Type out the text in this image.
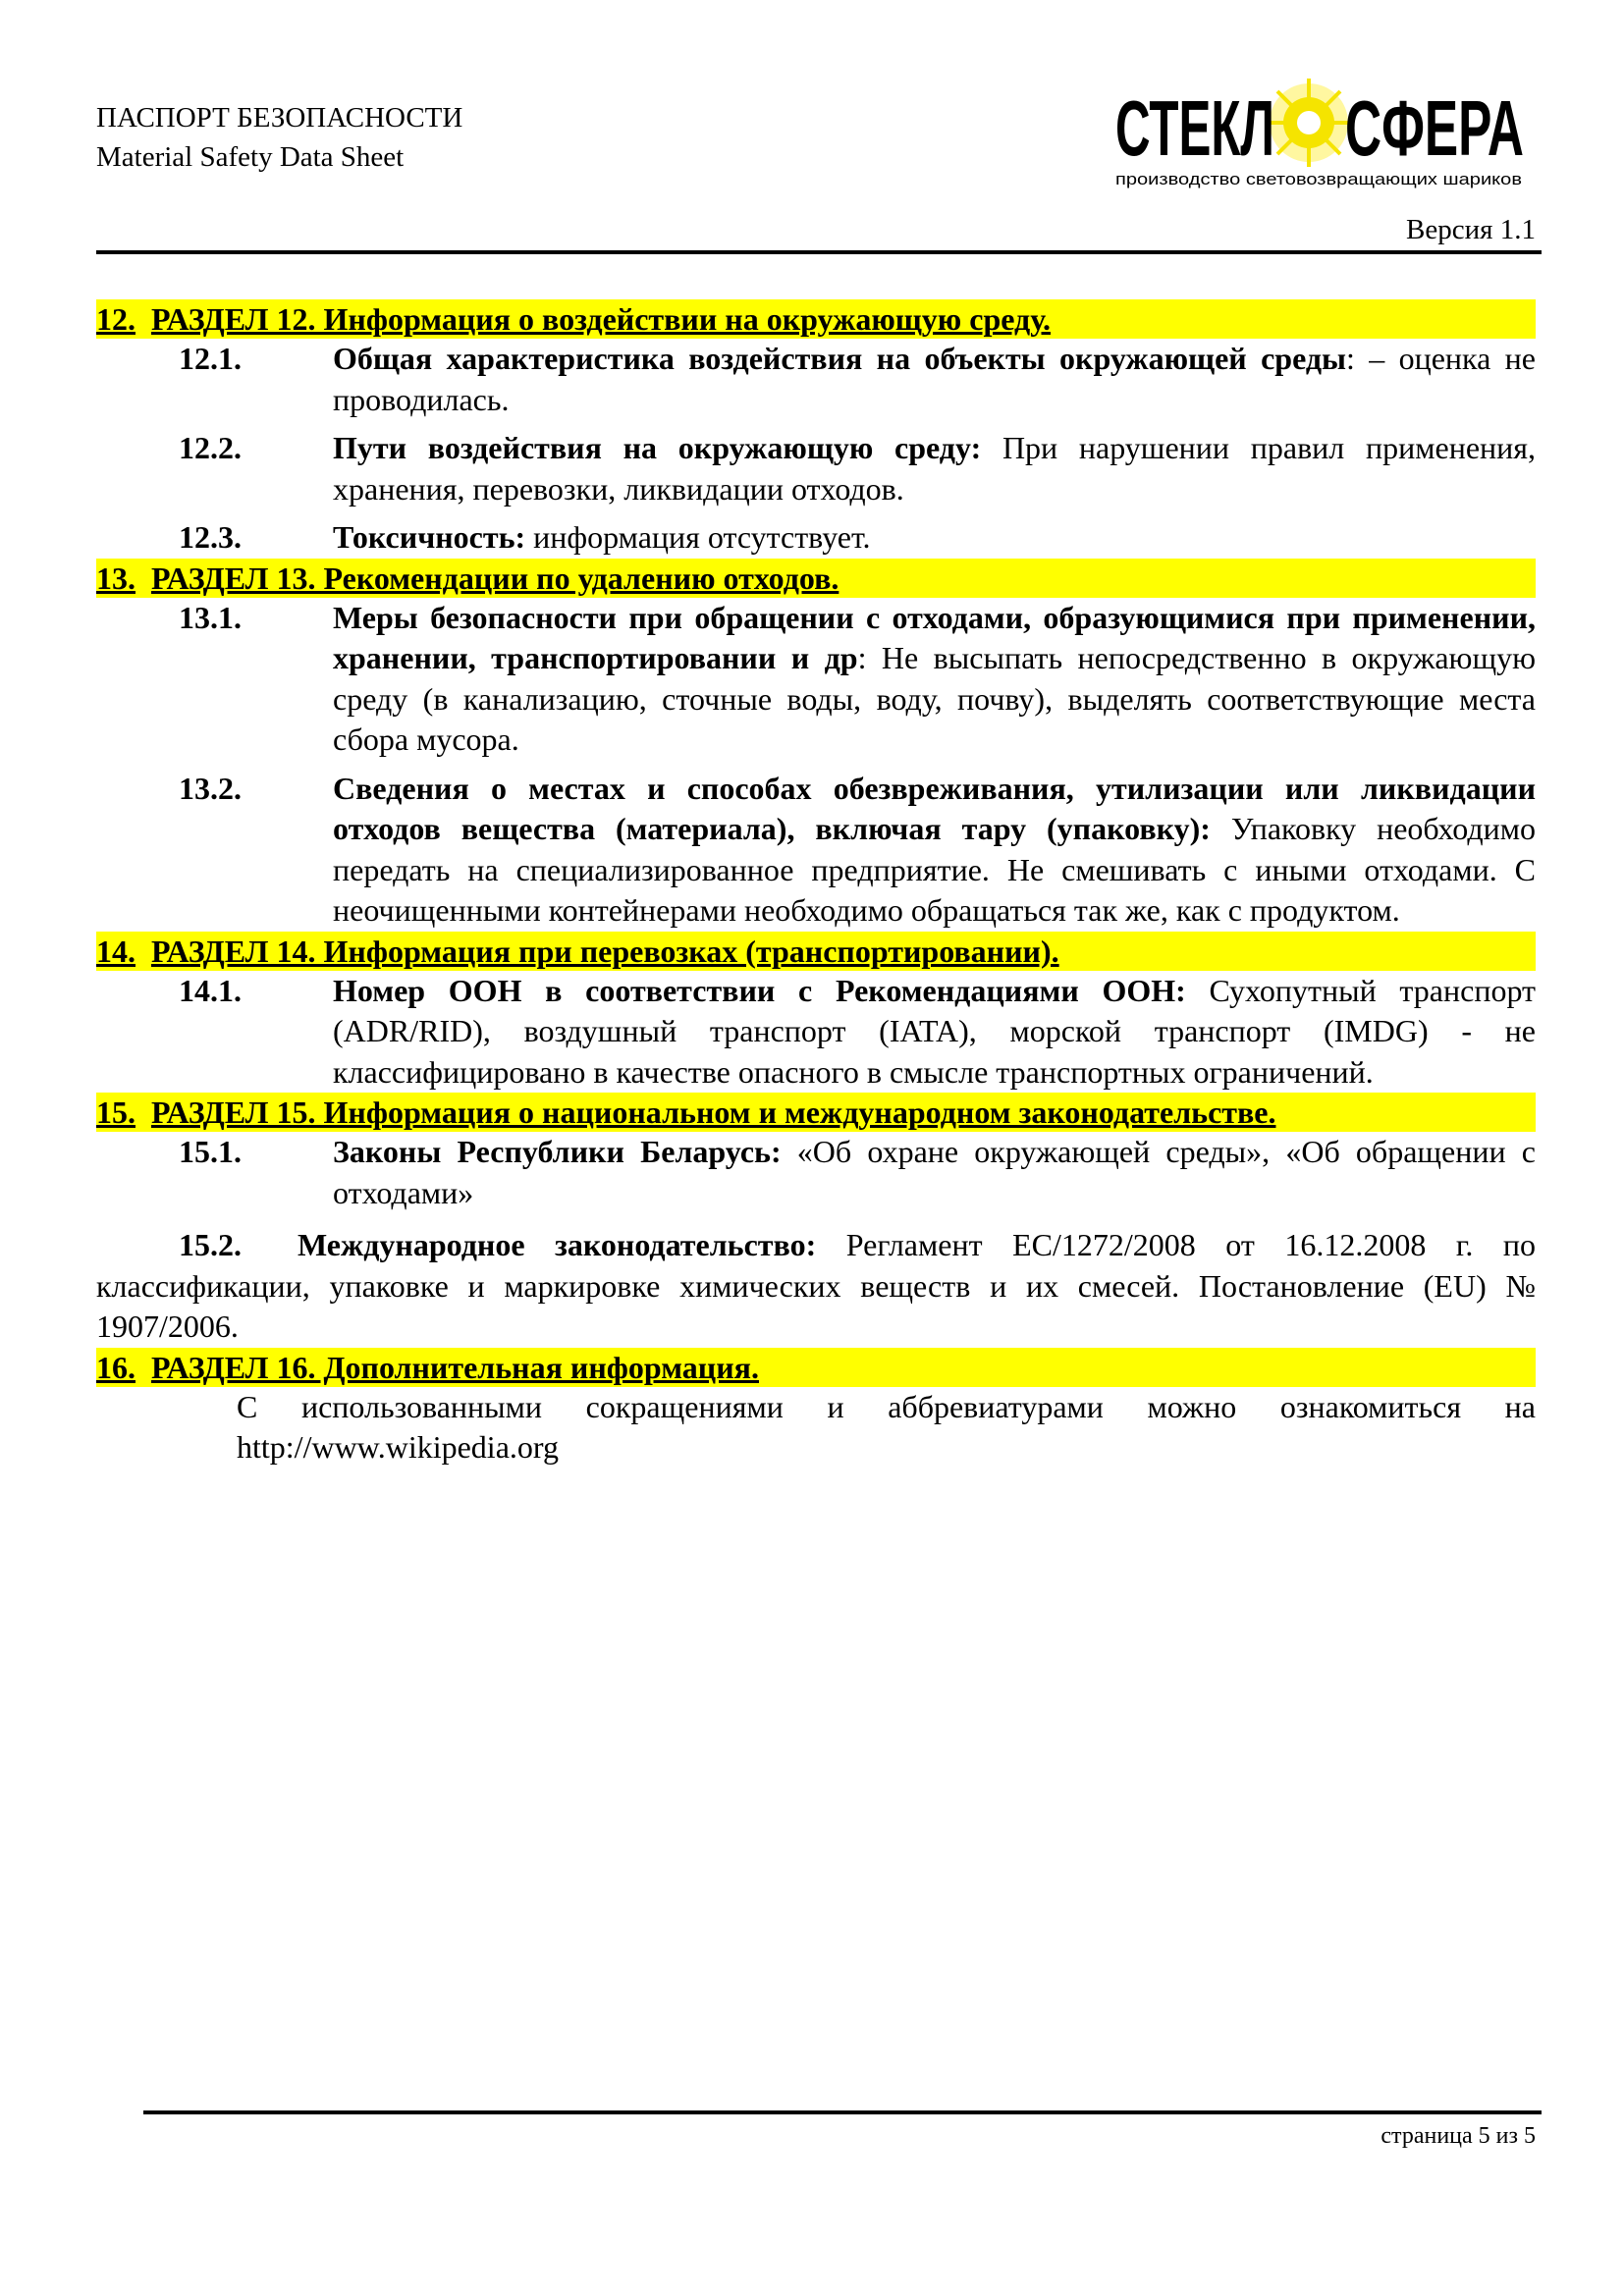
ПАСПОРТ БЕЗОПАСНОСТИ
Material Safety Data Sheet	СТЕКЛ СФЕРА
производство световозвращающих шариков
Версия 1.1
12. РАЗДЕЛ 12. Информация о воздействии на окружающую среду.
12.1.	Общая характеристика воздействия на объекты окружающей среды: – оценка не проводилась.
12.2.	Пути воздействия на окружающую среду: При нарушении правил применения, хранения, перевозки, ликвидации отходов.
12.3.	Токсичность: информация отсутствует.
13. РАЗДЕЛ 13. Рекомендации по удалению отходов.
13.1.	Меры безопасности при обращении с отходами, образующимися при применении, хранении, транспортировании и др: Не высыпать непосредственно в окружающую среду (в канализацию, сточные воды, воду, почву), выделять соответствующие места сбора мусора.
13.2.	Сведения о местах и способах обезвреживания, утилизации или ликвидации отходов вещества (материала), включая тару (упаковку): Упаковку необходимо передать на специализированное предприятие. Не смешивать с иными отходами. С неочищенными контейнерами необходимо обращаться так же, как с продуктом.
14. РАЗДЕЛ 14. Информация при перевозках (транспортировании).
14.1.	Номер ООН в соответствии с Рекомендациями ООН: Сухопутный транспорт (ADR/RID), воздушный транспорт (IATA), морской транспорт (IMDG) - не классифицировано в качестве опасного в смысле транспортных ограничений.
15. РАЗДЕЛ 15. Информация о национальном и международном законодательстве.
15.1.	Законы Республики Беларусь: «Об охране окружающей среды», «Об обращении с отходами»
15.2. Международное законодательство: Регламент ЕС/1272/2008 от 16.12.2008 г. по классификации, упаковке и маркировке химических веществ и их смесей. Постановление (EU) № 1907/2006.
16. РАЗДЕЛ 16. Дополнительная информация.
С использованными сокращениями и аббревиатурами можно ознакомиться на http://www.wikipedia.org
страница 5 из 5
